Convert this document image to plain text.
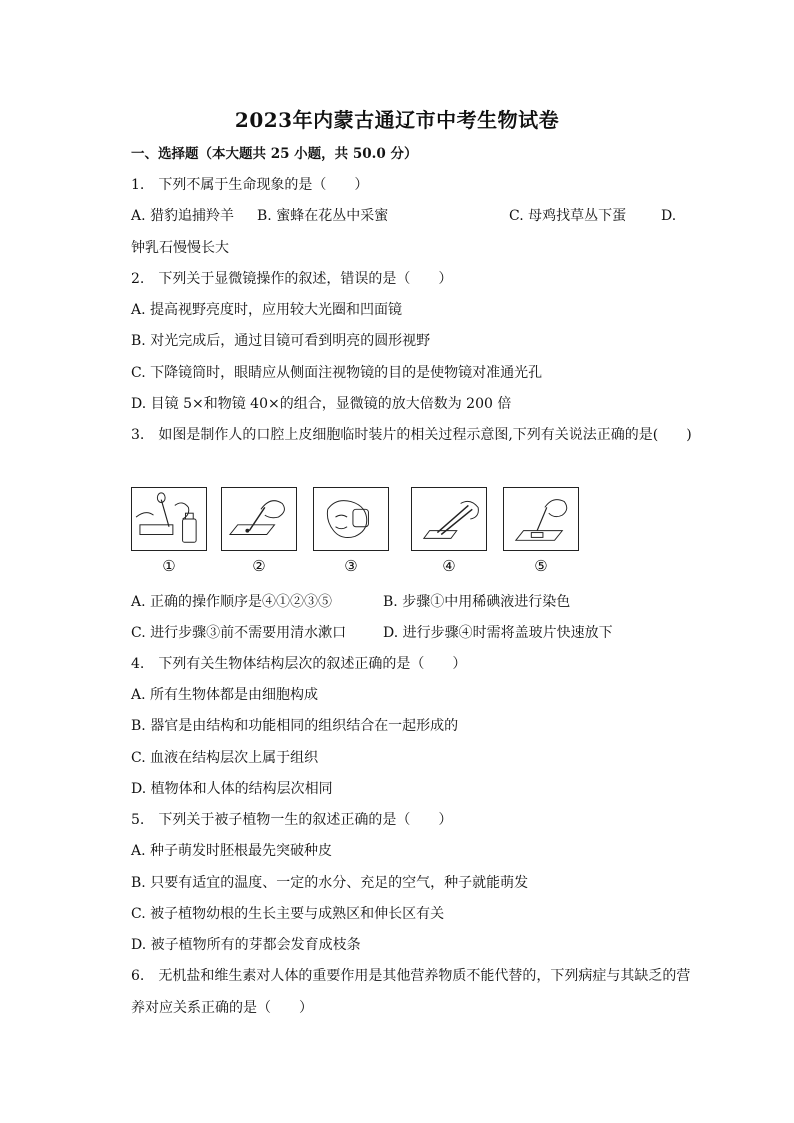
2023年内蒙古通辽市中考生物试卷
一、选择题（本大题共 25 小题，共 50.0 分）
1.　下列不属于生命现象的是（　　）
A. 猎豹追捕羚羊 B. 蜜蜂在花丛中采蜜	C. 母鸡找草丛下蛋 D.
钟乳石慢慢长大
2.　下列关于显微镜操作的叙述，错误的是（　　）
A. 提高视野亮度时，应用较大光圈和凹面镜
B. 对光完成后，通过目镜可看到明亮的圆形视野
C. 下降镜筒时，眼睛应从侧面注视物镜的目的是使物镜对准通光孔
D. 目镜 5×和物镜 40×的组合，显微镜的放大倍数为 200 倍
3.　如图是制作人的口腔上皮细胞临时装片的相关过程示意图,下列有关说法正确的是(　　)
①	②	③	④	⑤
A. 正确的操作顺序是④①②③⑤	B. 步骤①中用稀碘液进行染色
C. 进行步骤③前不需要用清水漱口	D. 进行步骤④时需将盖玻片快速放下
4.　下列有关生物体结构层次的叙述正确的是（　　）
A. 所有生物体都是由细胞构成
B. 器官是由结构和功能相同的组织结合在一起形成的
C. 血液在结构层次上属于组织
D. 植物体和人体的结构层次相同
5.　下列关于被子植物一生的叙述正确的是（　　）
A. 种子萌发时胚根最先突破种皮
B. 只要有适宜的温度、一定的水分、充足的空气，种子就能萌发
C. 被子植物幼根的生长主要与成熟区和伸长区有关
D. 被子植物所有的芽都会发育成枝条
6.　无机盐和维生素对人体的重要作用是其他营养物质不能代替的，下列病症与其缺乏的营
养对应关系正确的是（　　）
